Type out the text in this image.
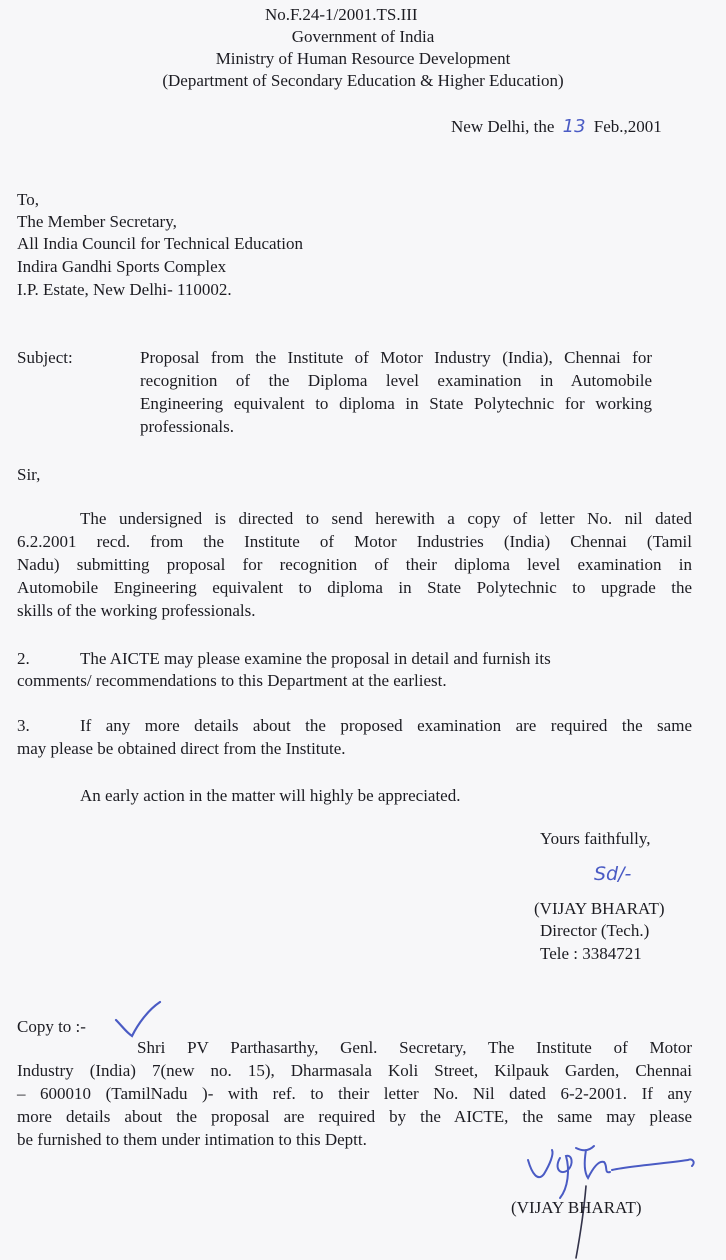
No.F.24-1/2001.TS.III
Government of India
Ministry of Human Resource Development
(Department of Secondary Education & Higher Education)
New Delhi, the 13 Feb.,2001
To,
The Member Secretary,
All India Council for Technical Education
Indira Gandhi Sports Complex
I.P. Estate, New Delhi- 110002.
Subject:	Proposal from the Institute of Motor Industry (India), Chennai for
recognition of the Diploma level examination in Automobile
Engineering equivalent to diploma in State Polytechnic for working
professionals.
Sir,
The undersigned is directed to send herewith a copy of letter No. nil dated
6.2.2001 recd. from the Institute of Motor Industries (India) Chennai (Tamil
Nadu) submitting proposal for recognition of their diploma level examination in
Automobile Engineering equivalent to diploma in State Polytechnic to upgrade the
skills of the working professionals.
2.	The AICTE may please examine the proposal in detail and furnish its
comments/ recommendations to this Department at the earliest.
3.	If any more details about the proposed examination are required the same
may please be obtained direct from the Institute.
An early action in the matter will highly be appreciated.
Yours faithfully,
Sd/-
(VIJAY BHARAT)
Director (Tech.)
Tele : 3384721
Copy to :-
Shri PV Parthasarthy, Genl. Secretary, The Institute of Motor
Industry (India) 7(new no. 15), Dharmasala Koli Street, Kilpauk Garden, Chennai
– 600010 (TamilNadu )- with ref. to their letter No. Nil dated 6-2-2001. If any
more details about the proposal are required by the AICTE, the same may please
be furnished to them under intimation to this Deptt.
(VIJAY BHARAT)
